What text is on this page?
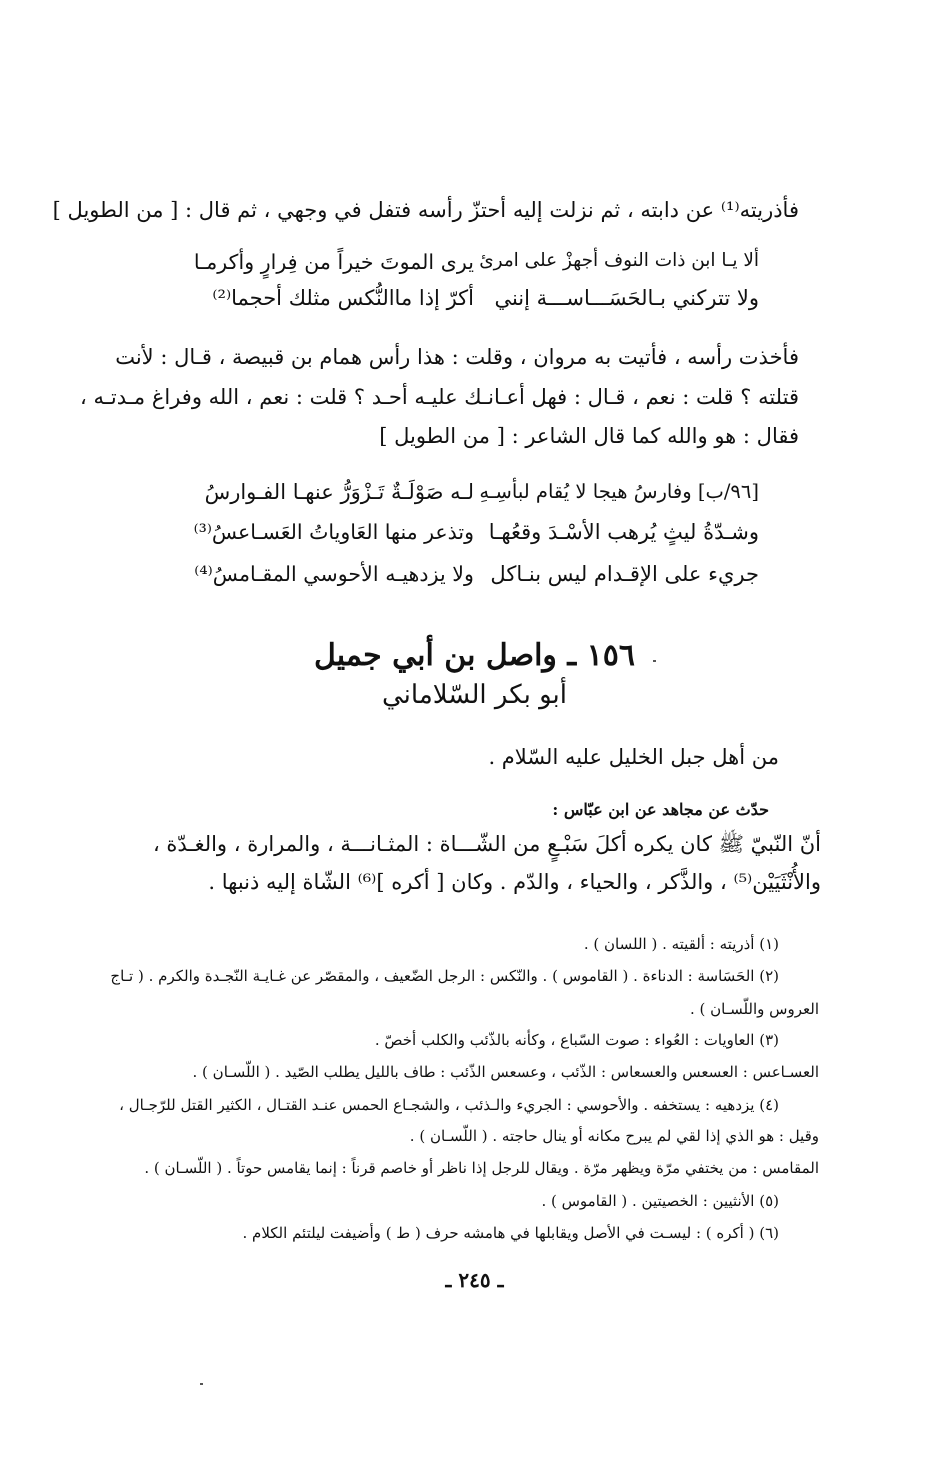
فأذريته⁽¹⁾ عن دابته ، ثم نزلت إليه أحتزّ رأسه فتفل في وجهي ، ثم قال : [ من الطويل ]
ألا يـا ابن ذات النوف أجهزْ على امرئ
يرى الموتَ خيراً من فِرارٍ وأكرمـا
ولا تتركني بـالحَسَـــاســـة إنني
أكرّ إذا ماالنُّكس مثلك أحجما⁽²⁾
فأخذت رأسه ، فأتيت به مروان ، وقلت : هذا رأس همام بن قبيصة ، قـال : لأنت
قتلته ؟ قلت : نعم ، قـال : فهل أعـانـك عليـه أحـد ؟ قلت : نعم ، الله وفراغ مـدتـه ،
فقال : هو والله كما قال الشاعر : [ من الطويل ]
[٩٦/ب] وفارسُ هيجا لا يُقام لبأسِـهِ
لـه صَوْلَـةٌ تَـزْوَرُّ عنهـا الفـوارسُ
وشـدّةُ ليثٍ يُرهب الأسْـدَ وقعُهـا
وتذعر منها العَاوياتُ العَسـاعسُ⁽³⁾
جريء على الإقـدام ليس بنـاكل
ولا يزدهيـه الأحوسي المقـامسُ⁽⁴⁾
١٥٦ ـ واصل بن أبي جميل
أبو بكر السّلاماني
من أهل جبل الخليل عليه السّلام .
حدّث عن مجاهد عن ابن عبّاس :
أنّ النّبيّ ﷺ كان يكره أكلَ سَبْـعٍ من الشّـــاة : المثـانـــة ، والمرارة ، والغـدّة ،
والأُنْثَيَيْن⁽⁵⁾ ، والذَّكر ، والحياء ، والدّم . وكان [ أكره ]⁽⁶⁾ الشّاة إليه ذنبها .
(١) أذريته : ألقيته . ( اللسان ) .
(٢) الحَسَاسة : الدناءة . ( القاموس ) . والنّكس : الرجل الضّعيف ، والمقصّر عن غـايـة النّجـدة والكرم . ( تـاج
العروس واللّسـان ) .
(٣) العاويات : العُواء : صوت السّباع ، وكأنه بالذّئب والكلب أخصّ .
العسـاعس : العسعس والعسعاس : الذّئب ، وعسعس الذّئب : طاف بالليل يطلب الصّيد . ( اللّسـان ) .
(٤) يزدهيه : يستخفه . والأحوسي : الجريء والـذئب ، والشجـاع الحمس عنـد القتـال ، الكثير القتل للرّجـال ،
وقيل : هو الذي إذا لقي لم يبرح مكانه أو ينال حاجته . ( اللّسـان ) .
المقامس : من يختفي مرّة ويظهر مرّة . ويقال للرجل إذا ناظر أو خاصم قرناً : إنما يقامس حوتاً . ( اللّسـان ) .
(٥) الأنثيين : الخصيتين . ( القاموس ) .
(٦) ( أكره ) : ليسـت في الأصل ويقابلها في هامشه حرف ( ط ) وأضيفت ليلتئم الكلام .
ـ ٢٤٥ ـ
